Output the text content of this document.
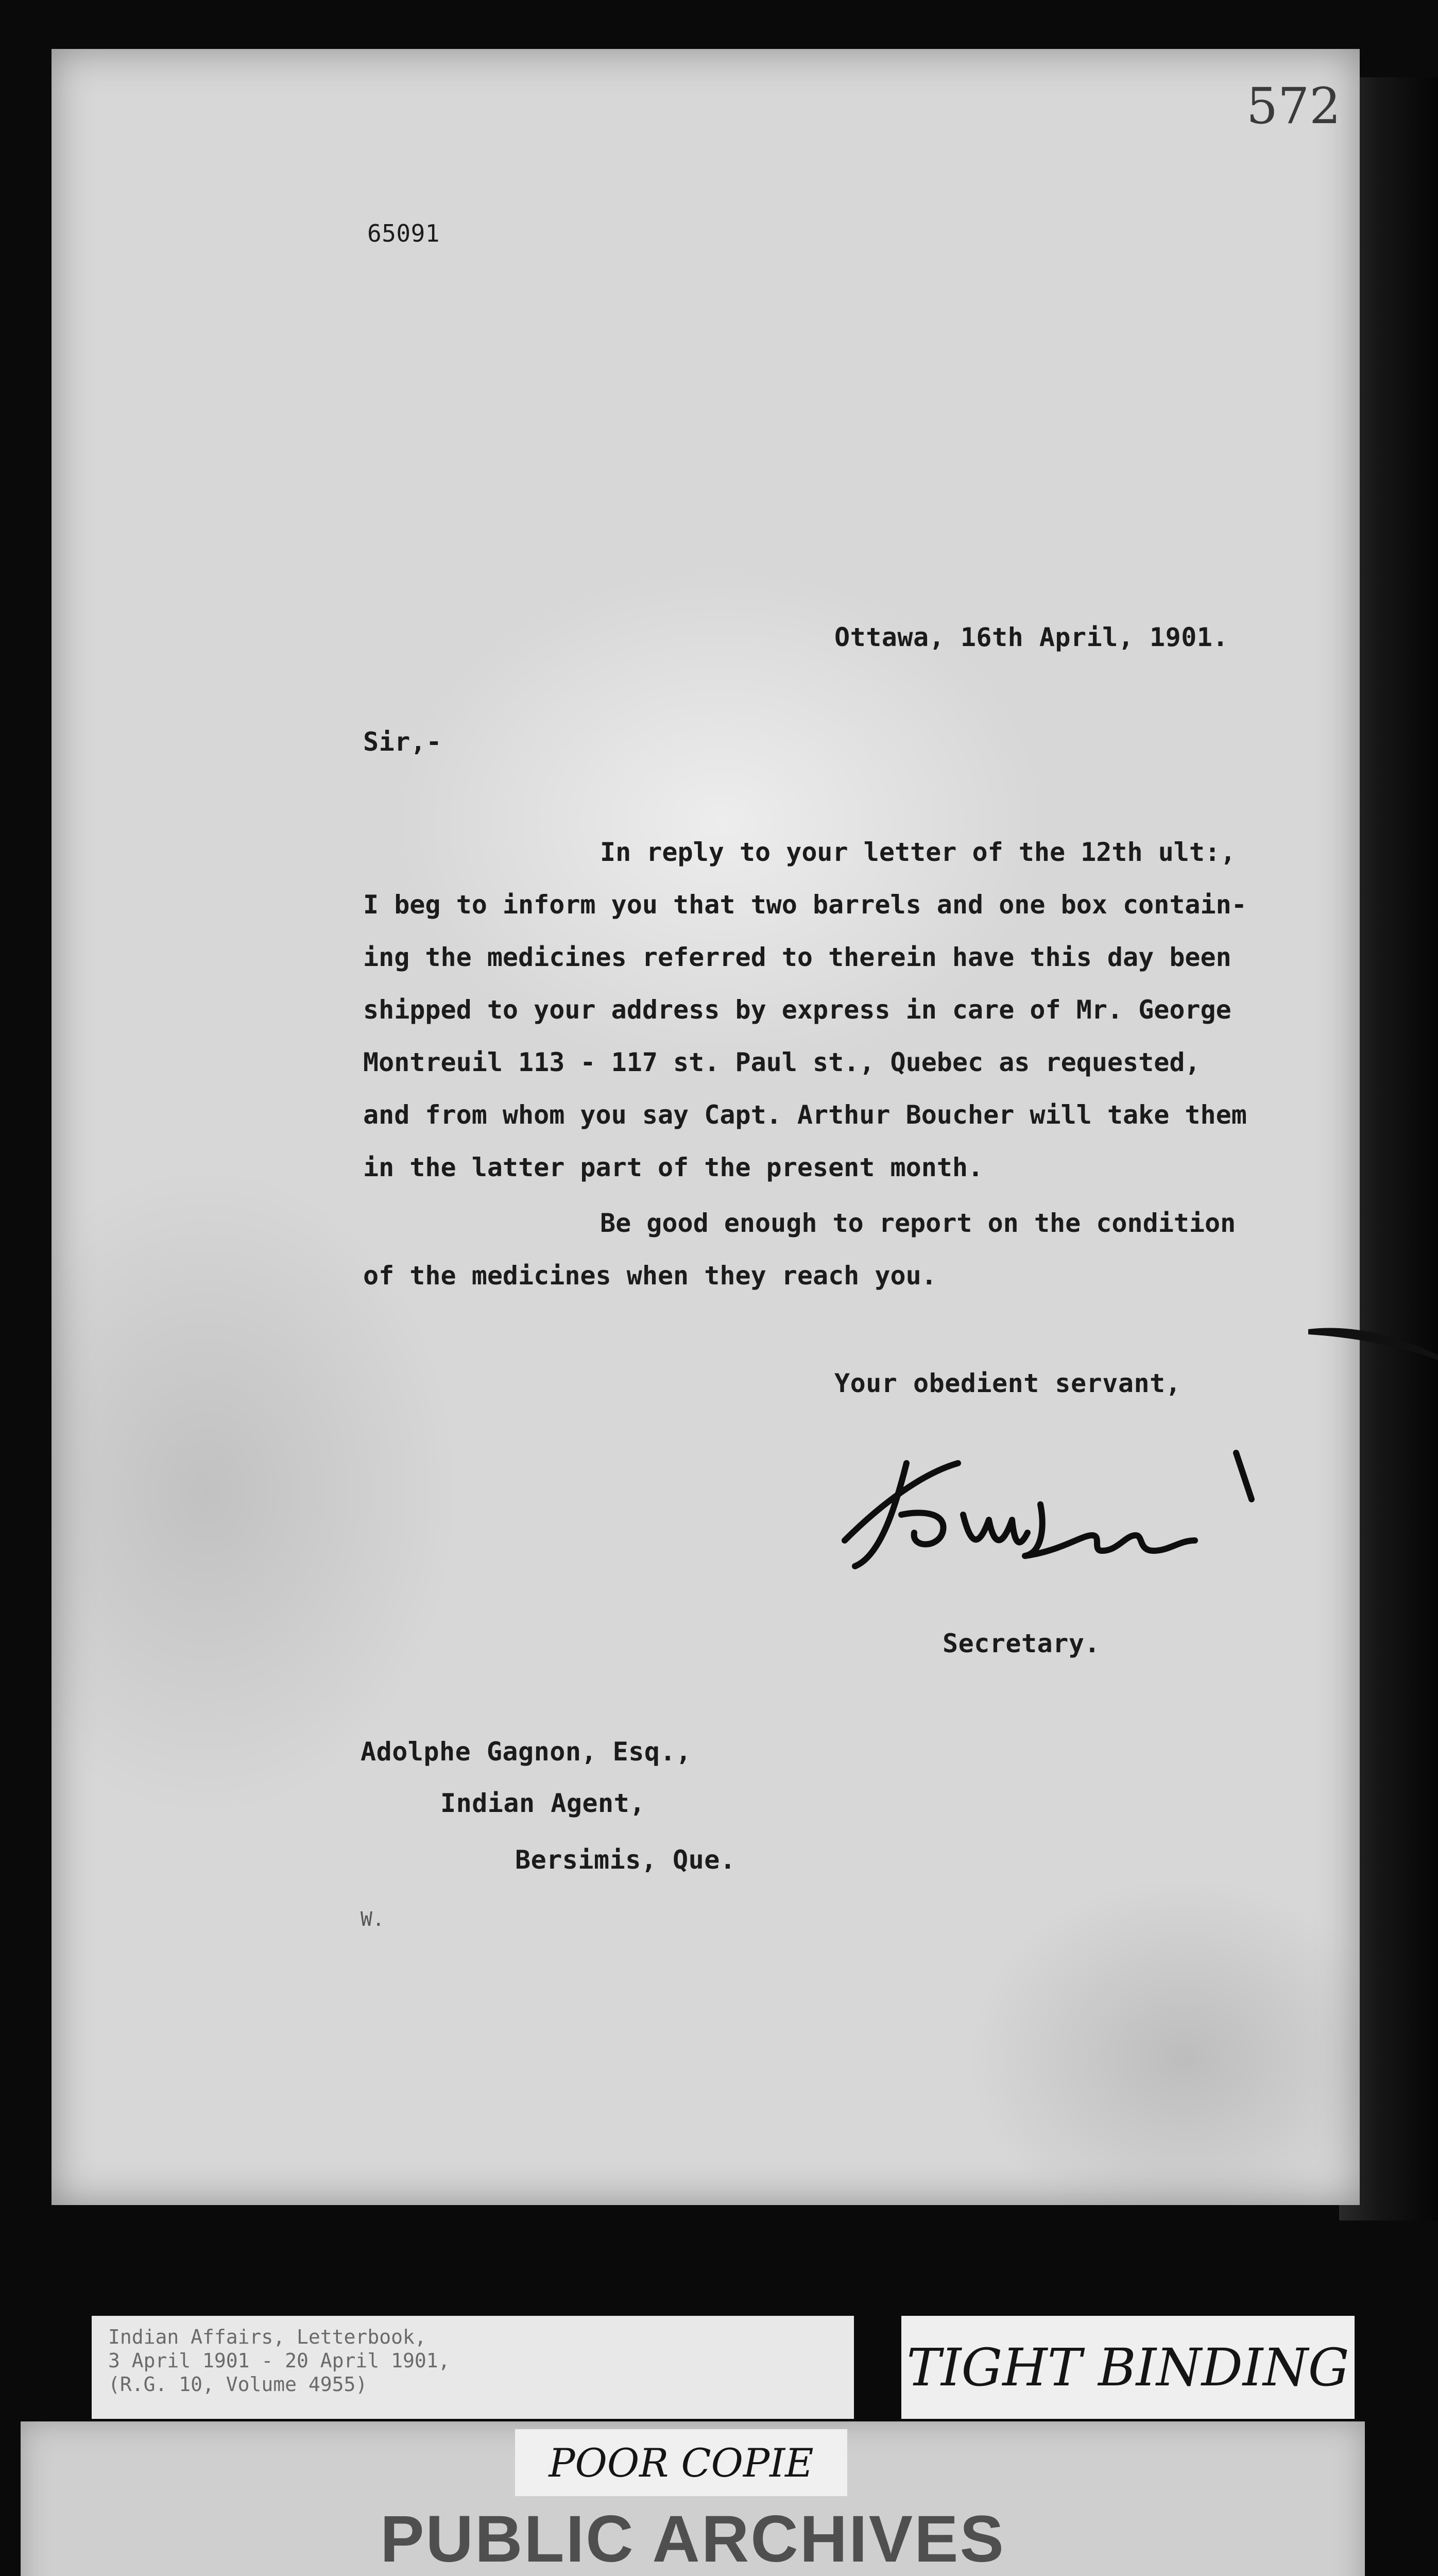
572
65091
Ottawa, 16th April, 1901.
Sir,-
In reply to your letter of the 12th ult:,
I beg to inform you that two barrels and one box contain-
ing the medicines referred to therein have this day been
shipped to your address by express in care of Mr. George
Montreuil 113 - 117 st. Paul st., Quebec as requested,
and from whom you say Capt. Arthur Boucher will take them
in the latter part of the present month.
Be good enough to report on the condition
of the medicines when they reach you.
Your obedient servant,
Secretary.
Adolphe Gagnon, Esq.,
Indian Agent,
Bersimis, Que.
W.
Indian Affairs, Letterbook,
3 April 1901 - 20 April 1901,
(R.G. 10, Volume 4955)	TIGHT BINDING
POOR COPIE
PUBLIC ARCHIVES
